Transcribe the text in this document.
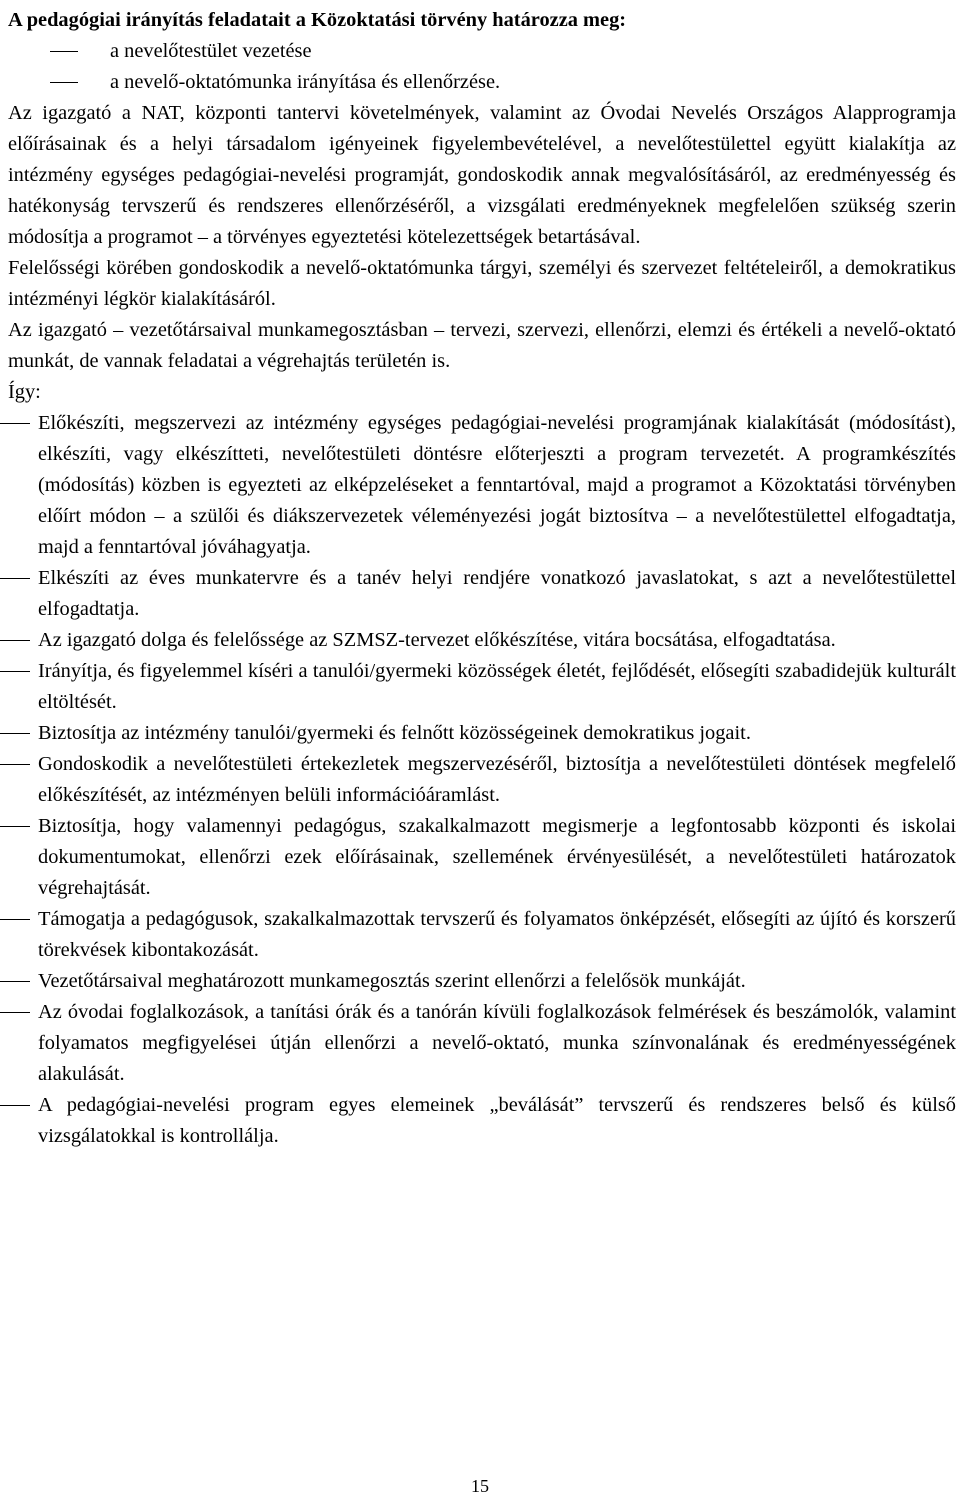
A pedagógiai irányítás feladatait a Közoktatási törvény határozza meg:
a nevelőtestület vezetése
a nevelő-oktatómunka irányítása és ellenőrzése.

Az igazgató a NAT, központi tantervi követelmények, valamint az Óvodai Nevelés Országos Alapprogramja előírásainak és a helyi társadalom igényeinek figyelembevételével, a nevelőtestülettel együtt kialakítja az intézmény egységes pedagógiai-nevelési programját, gondoskodik annak megvalósításáról, az eredményesség és hatékonyság tervszerű és rendszeres ellenőrzéséről, a vizsgálati eredményeknek megfelelően szükség szerin módosítja a programot – a törvényes egyeztetési kötelezettségek betartásával.

Felelősségi körében gondoskodik a nevelő-oktatómunka tárgyi, személyi és szervezet feltételeiről, a demokratikus intézményi légkör kialakításáról.

Az igazgató – vezetőtársaival munkamegosztásban – tervezi, szervezi, ellenőrzi, elemzi és értékeli a nevelő-oktató munkát, de vannak feladatai a végrehajtás területén is.

Így:
Előkészíti, megszervezi az intézmény egységes pedagógiai-nevelési programjának kialakítását (módosítást), elkészíti, vagy elkészítteti, nevelőtestületi döntésre előterjeszti a program tervezetét. A programkészítés (módosítás) közben is egyezteti az elképzeléseket a fenntartóval, majd a programot a Közoktatási törvényben előírt módon – a szülői és diákszervezetek véleményezési jogát biztosítva – a nevelőtestülettel elfogadtatja, majd a fenntartóval jóváhagyatja.
Elkészíti az éves munkatervre és a tanév helyi rendjére vonatkozó javaslatokat, s azt a nevelőtestülettel elfogadtatja.
Az igazgató dolga és felelőssége az SZMSZ-tervezet előkészítése, vitára bocsátása, elfogadtatása.
Irányítja, és figyelemmel kíséri a tanulói/gyermeki közösségek életét, fejlődését, elősegíti szabadidejük kulturált eltöltését.
Biztosítja az intézmény tanulói/gyermeki és felnőtt közösségeinek demokratikus jogait.
Gondoskodik a nevelőtestületi értekezletek megszervezéséről, biztosítja a nevelőtestületi döntések megfelelő előkészítését, az intézményen belüli információáramlást.
Biztosítja, hogy valamennyi pedagógus, szakalkalmazott megismerje a legfontosabb központi és iskolai dokumentumokat, ellenőrzi ezek előírásainak, szellemének érvényesülését, a nevelőtestületi határozatok végrehajtását.
Támogatja a pedagógusok, szakalkalmazottak tervszerű és folyamatos önképzését, elősegíti az újító és korszerű törekvések kibontakozását.
Vezetőtársaival meghatározott munkamegosztás szerint ellenőrzi a felelősök munkáját.
Az óvodai foglalkozások, a tanítási órák és a tanórán kívüli foglalkozások felmérések és beszámolók, valamint folyamatos megfigyelései útján ellenőrzi a nevelő-oktató, munka színvonalának és eredményességének alakulását.
A pedagógiai-nevelési program egyes elemeinek „beválását” tervszerű és rendszeres belső és külső vizsgálatokkal is kontrollálja.
15
